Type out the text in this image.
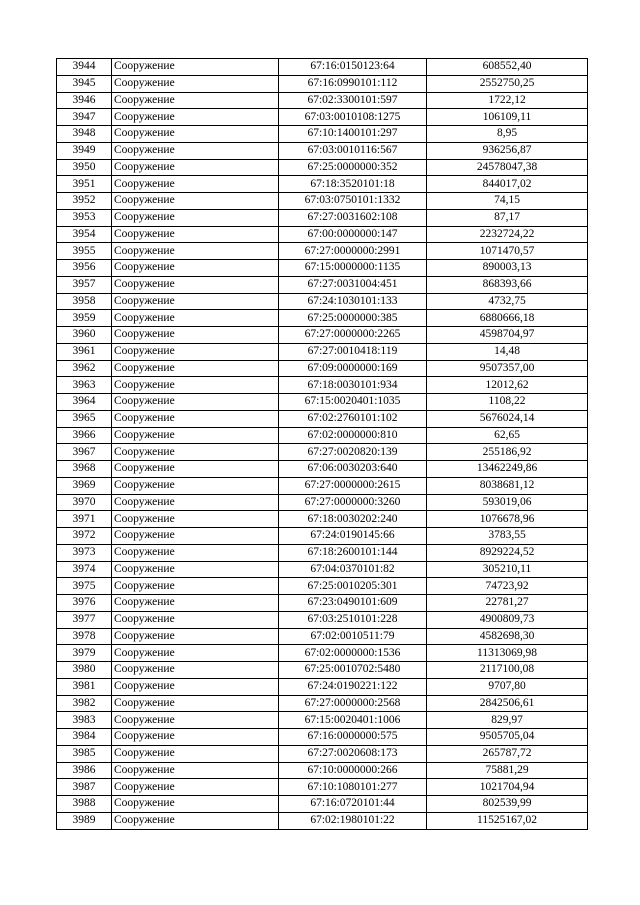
3944	Сооружение	67:16:0150123:64	608552,40
3945	Сооружение	67:16:0990101:112	2552750,25
3946	Сооружение	67:02:3300101:597	1722,12
3947	Сооружение	67:03:0010108:1275	106109,11
3948	Сооружение	67:10:1400101:297	8,95
3949	Сооружение	67:03:0010116:567	936256,87
3950	Сооружение	67:25:0000000:352	24578047,38
3951	Сооружение	67:18:3520101:18	844017,02
3952	Сооружение	67:03:0750101:1332	74,15
3953	Сооружение	67:27:0031602:108	87,17
3954	Сооружение	67:00:0000000:147	2232724,22
3955	Сооружение	67:27:0000000:2991	1071470,57
3956	Сооружение	67:15:0000000:1135	890003,13
3957	Сооружение	67:27:0031004:451	868393,66
3958	Сооружение	67:24:1030101:133	4732,75
3959	Сооружение	67:25:0000000:385	6880666,18
3960	Сооружение	67:27:0000000:2265	4598704,97
3961	Сооружение	67:27:0010418:119	14,48
3962	Сооружение	67:09:0000000:169	9507357,00
3963	Сооружение	67:18:0030101:934	12012,62
3964	Сооружение	67:15:0020401:1035	1108,22
3965	Сооружение	67:02:2760101:102	5676024,14
3966	Сооружение	67:02:0000000:810	62,65
3967	Сооружение	67:27:0020820:139	255186,92
3968	Сооружение	67:06:0030203:640	13462249,86
3969	Сооружение	67:27:0000000:2615	8038681,12
3970	Сооружение	67:27:0000000:3260	593019,06
3971	Сооружение	67:18:0030202:240	1076678,96
3972	Сооружение	67:24:0190145:66	3783,55
3973	Сооружение	67:18:2600101:144	8929224,52
3974	Сооружение	67:04:0370101:82	305210,11
3975	Сооружение	67:25:0010205:301	74723,92
3976	Сооружение	67:23:0490101:609	22781,27
3977	Сооружение	67:03:2510101:228	4900809,73
3978	Сооружение	67:02:0010511:79	4582698,30
3979	Сооружение	67:02:0000000:1536	11313069,98
3980	Сооружение	67:25:0010702:5480	2117100,08
3981	Сооружение	67:24:0190221:122	9707,80
3982	Сооружение	67:27:0000000:2568	2842506,61
3983	Сооружение	67:15:0020401:1006	829,97
3984	Сооружение	67:16:0000000:575	9505705,04
3985	Сооружение	67:27:0020608:173	265787,72
3986	Сооружение	67:10:0000000:266	75881,29
3987	Сооружение	67:10:1080101:277	1021704,94
3988	Сооружение	67:16:0720101:44	802539,99
3989	Сооружение	67:02:1980101:22	11525167,02
